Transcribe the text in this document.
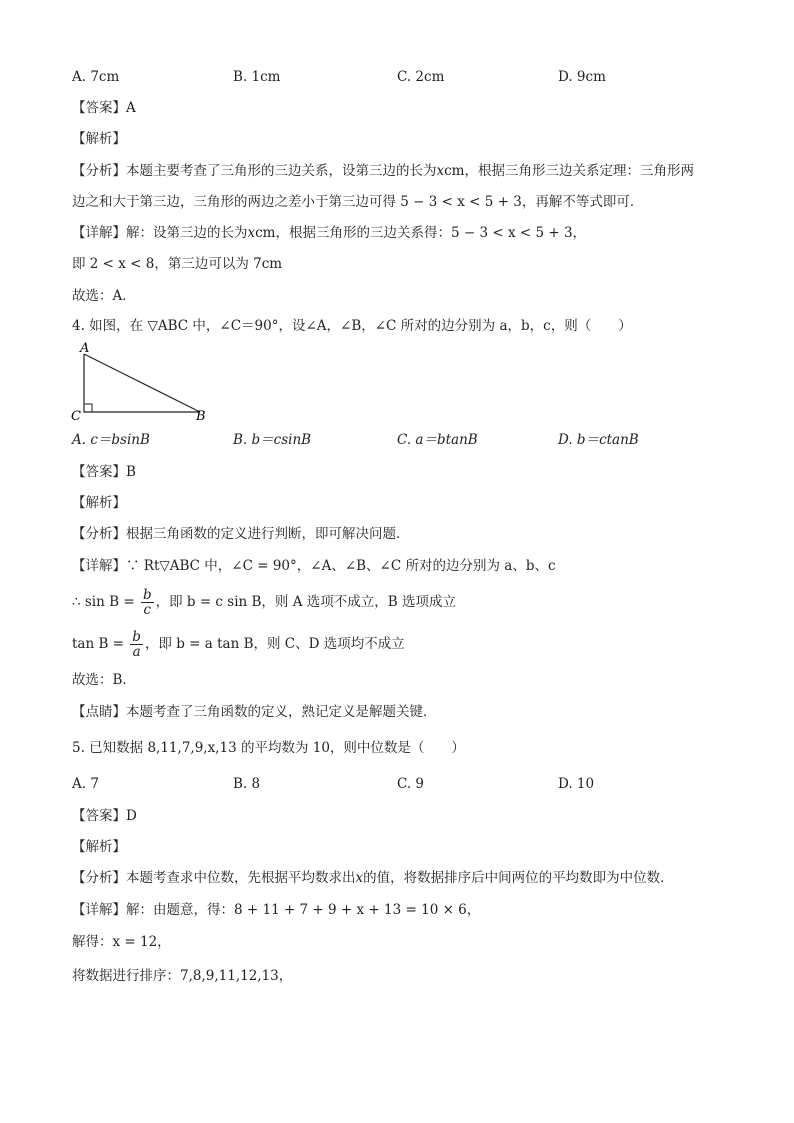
A. 7cm	B. 1cm	C. 2cm	D. 9cm
【答案】A
【解析】
【分析】本题主要考查了三角形的三边关系，设第三边的长为xcm，根据三角形三边关系定理：三角形两
边之和大于第三边，三角形的两边之差小于第三边可得 5 − 3 < x < 5 + 3，再解不等式即可．
【详解】解：设第三边的长为xcm，根据三角形的三边关系得：5 − 3 < x < 5 + 3，
即 2 < x < 8，第三边可以为 7cm
故选：A．
4. 如图，在 ▽ABC 中，∠C＝90°，设∠A，∠B，∠C 所对的边分别为 a，b，c，则（　　）
A
C	B
A. c＝bsinB	B. b＝csinB	C. a＝btanB	D. b＝ctanB
【答案】B
【解析】
【分析】根据三角函数的定义进行判断，即可解决问题．
【详解】∵ Rt▽ABC 中，∠C = 90°，∠A、∠B、∠C 所对的边分别为 a、b、c
∴ $\sin B = \frac{b}{c}$ ，即 b = c sin B，则 A 选项不成立，B 选项成立
$\tan B = \frac{b}{a}$ ，即 b = a tan B，则 C、D 选项均不成立
故选：B．
【点睛】本题考查了三角函数的定义，熟记定义是解题关键．
5. 已知数据 8,11,7,9,x,13 的平均数为 10，则中位数是（　　）
A. 7	B. 8	C. 9	D. 10
【答案】D
【解析】
【分析】本题考查求中位数，先根据平均数求出x的值，将数据排序后中间两位的平均数即为中位数．
【详解】解：由题意，得：8 + 11 + 7 + 9 + x + 13 = 10 × 6，
解得：x = 12，
将数据进行排序：7,8,9,11,12,13，
